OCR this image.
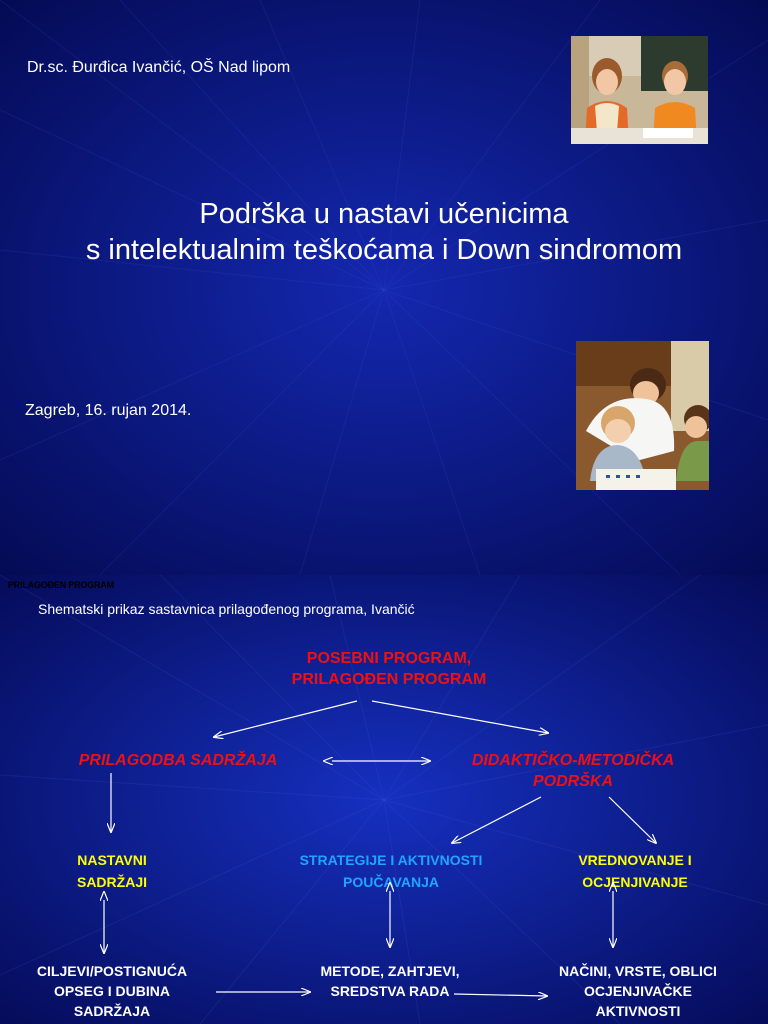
Dr.sc. Đurđica Ivančić, OŠ Nad lipom
Podrška u nastavi učenicima
s intelektualnim teškoćama i Down sindromom
Zagreb, 16. rujan 2014.
PRILAGOĐEN PROGRAM
Shematski prikaz sastavnica prilagođenog programa, Ivančić
POSEBNI PROGRAM,
PRILAGOĐEN PROGRAM
PRILAGODBA SADRŽAJA	DIDAKTIČKO-METODIČKA
PODRŠKA
NASTAVNI
SADRŽAJI
STRATEGIJE I AKTIVNOSTI
POUČAVANJA
VREDNOVANJE I
OCJENJIVANJE
CILJEVI/POSTIGNUĆA
OPSEG I DUBINA
SADRŽAJA
METODE, ZAHTJEVI,
SREDSTVA RADA
NAČINI, VRSTE, OBLICI
OCJENJIVAČKE
AKTIVNOSTI
